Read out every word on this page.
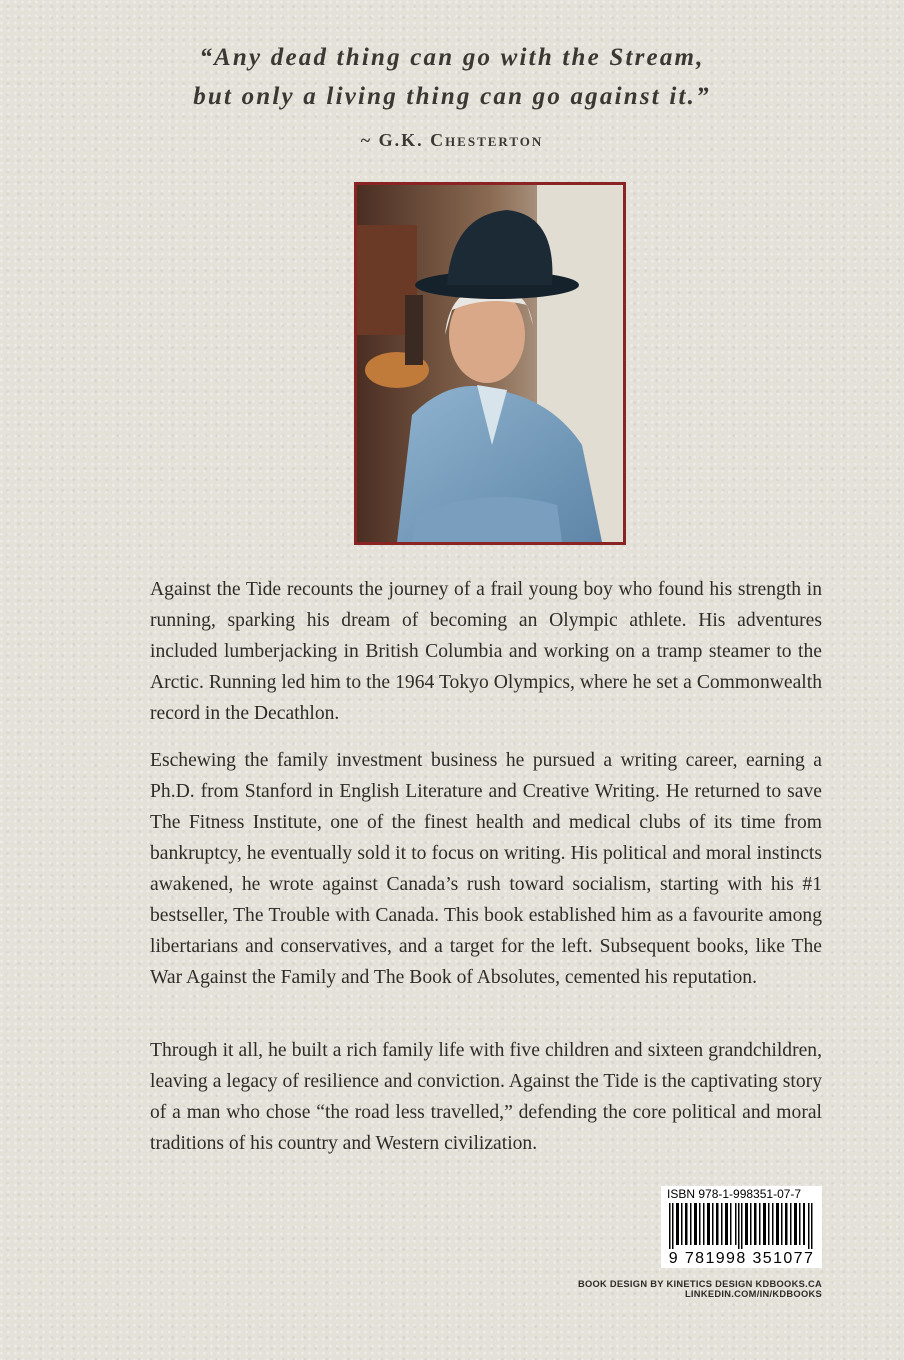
“Any dead thing can go with the Stream,
but only a living thing can go against it.”
~ G.K. Chesterton
Against the Tide recounts the journey of a frail young boy who found his strength in running, sparking his dream of becoming an Olympic athlete. His adventures included lumberjacking in British Columbia and working on a tramp steamer to the Arctic. Running led him to the 1964 Tokyo Olympics, where he set a Commonwealth record in the Decathlon.
Eschewing the family investment business he pursued a writing career, earning a Ph.D. from Stanford in English Literature and Creative Writing. He returned to save The Fitness Institute, one of the finest health and medical clubs of its time from bankruptcy, he eventually sold it to focus on writing. His political and moral instincts awakened, he wrote against Canada’s rush toward socialism, starting with his #1 bestseller, The Trouble with Canada. This book established him as a favourite among libertarians and conservatives, and a target for the left. Subsequent books, like The War Against the Family and The Book of Absolutes, cemented his reputation.
Through it all, he built a rich family life with five children and sixteen grandchildren, leaving a legacy of resilience and conviction. Against the Tide is the captivating story of a man who chose “the road less travelled,” defending the core political and moral traditions of his country and Western civilization.
ISBN 978-1-998351-07-7
9 781998 351077
BOOK DESIGN BY KINETICS DESIGN KDBOOKS.CA LINKEDIN.COM/IN/KDBOOKS
